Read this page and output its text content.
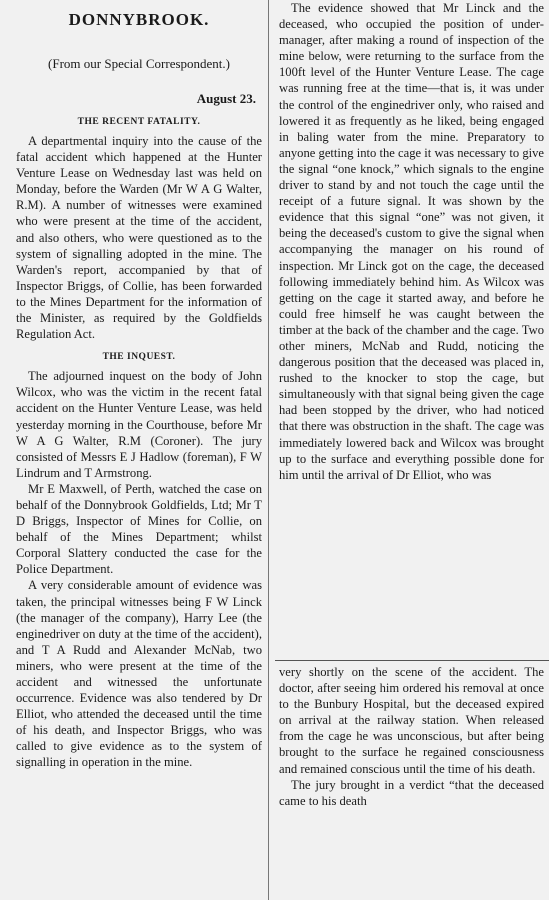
DONNYBROOK.
(From our Special Correspondent.)
August 23.
THE RECENT FATALITY.

A departmental inquiry into the cause of the fatal accident which happened at the Hunter Venture Lease on Wednesday last was held on Monday, before the Warden (Mr W A G Walter, R.M). A number of witnesses were examined who were present at the time of the accident, and also others, who were questioned as to the system of signalling adopted in the mine. The Warden's report, accompanied by that of Inspector Briggs, of Collie, has been forwarded to the Mines Department for the information of the Minister, as required by the Goldfields Regulation Act.

THE INQUEST.

The adjourned inquest on the body of John Wilcox, who was the victim in the recent fatal accident on the Hunter Venture Lease, was held yesterday morning in the Courthouse, before Mr W A G Walter, R.M (Coroner). The jury consisted of Messrs E J Hadlow (foreman), F W Lindrum and T Armstrong.

Mr E Maxwell, of Perth, watched the case on behalf of the Donnybrook Goldfields, Ltd; Mr T D Briggs, Inspector of Mines for Collie, on behalf of the Mines Department; whilst Corporal Slattery conducted the case for the Police Department.

A very considerable amount of evidence was taken, the principal witnesses being F W Linck (the manager of the company), Harry Lee (the enginedriver on duty at the time of the accident), and T A Rudd and Alexander McNab, two miners, who were present at the time of the accident and witnessed the unfortunate occurrence. Evidence was also tendered by Dr Elliot, who attended the deceased until the time of his death, and Inspector Briggs, who was called to give evidence as to the system of signalling in operation in the mine.

The evidence showed that Mr Linck and the deceased, who occupied the position of under-manager, after making a round of inspection of the mine below, were returning to the surface from the 100ft level of the Hunter Venture Lease. The cage was running free at the time—that is, it was under the control of the enginedriver only, who raised and lowered it as frequently as he liked, being engaged in baling water from the mine. Preparatory to anyone getting into the cage it was necessary to give the signal “one knock,” which signals to the engine driver to stand by and not touch the cage until the receipt of a future signal. It was shown by the evidence that this signal “one” was not given, it being the deceased's custom to give the signal when accompanying the manager on his round of inspection. Mr Linck got on the cage, the deceased following immediately behind him. As Wilcox was getting on the cage it started away, and before he could free himself he was caught between the timber at the back of the chamber and the cage. Two other miners, McNab and Rudd, noticing the dangerous position that the deceased was placed in, rushed to the knocker to stop the cage, but simultaneously with that signal being given the cage had been stopped by the driver, who had noticed that there was obstruction in the shaft. The cage was immediately lowered back and Wilcox was brought up to the surface and everything possible done for him until the arrival of Dr Elliot, who was

very shortly on the scene of the accident. The doctor, after seeing him ordered his removal at once to the Bunbury Hospital, but the deceased expired on arrival at the railway station. When released from the cage he was unconscious, but after being brought to the surface he regained consciousness and remained conscious until the time of his death.

The jury brought in a verdict “that the deceased came to his death
